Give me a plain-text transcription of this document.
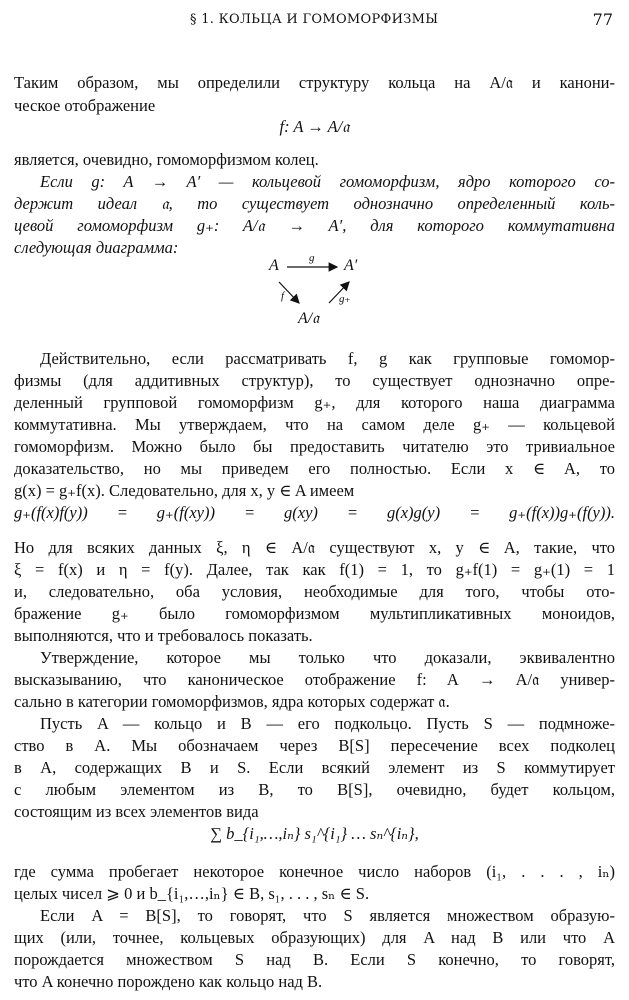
§ 1. КОЛЬЦА И ГОМОМОРФИЗМЫ	77
Таким образом, мы определили структуру кольца на A/𝔞 и канони-
ческое отображение
f: A → A/𝔞
является, очевидно, гомоморфизмом колец.
Если g: A → A′ — кольцевой гомоморфизм, ядро которого со-
держит идеал 𝔞, то существует однозначно определенный коль-
цевой гомоморфизм g₊: A/𝔞 → A′, для которого коммутативна
следующая диаграмма:
A	A′
A/𝔞
g
f	g₊
Действительно, если рассматривать f, g как групповые гомомор-
физмы (для аддитивных структур), то существует однозначно опре-
деленный групповой гомоморфизм g₊, для которого наша диаграмма
коммутативна. Мы утверждаем, что на самом деле g₊ — кольцевой
гомоморфизм. Можно было бы предоставить читателю это тривиальное
доказательство, но мы приведем его полностью. Если x ∈ A, то
g(x) = g₊f(x). Следовательно, для x, y ∈ A имеем
g₊(f(x)f(y)) = g₊(f(xy)) = g(xy) = g(x)g(y) = g₊(f(x))g₊(f(y)).
Но для всяких данных ξ, η ∈ A/𝔞 существуют x, y ∈ A, такие, что
ξ = f(x) и η = f(y). Далее, так как f(1) = 1, то g₊f(1) = g₊(1) = 1
и, следовательно, оба условия, необходимые для того, чтобы ото-
бражение g₊ было гомоморфизмом мультипликативных моноидов,
выполняются, что и требовалось показать.
Утверждение, которое мы только что доказали, эквивалентно
высказыванию, что каноническое отображение f: A → A/𝔞 универ-
сально в категории гомоморфизмов, ядра которых содержат 𝔞.
Пусть A — кольцо и B — его подкольцо. Пусть S — подмноже-
ство в A. Мы обозначаем через B[S] пересечение всех подколец
в A, содержащих B и S. Если всякий элемент из S коммутирует
с любым элементом из B, то B[S], очевидно, будет кольцом,
состоящим из всех элементов вида
∑ b_{i₁,…,iₙ} s₁^{i₁} … sₙ^{iₙ},
где сумма пробегает некоторое конечное число наборов (i₁, . . . , iₙ)
целых чисел ⩾ 0 и b_{i₁,…,iₙ} ∈ B, s₁, . . . , sₙ ∈ S.
Если A = B[S], то говорят, что S является множеством образую-
щих (или, точнее, кольцевых образующих) для A над B или что A
порождается множеством S над B. Если S конечно, то говорят,
что A конечно порождено как кольцо над B.
